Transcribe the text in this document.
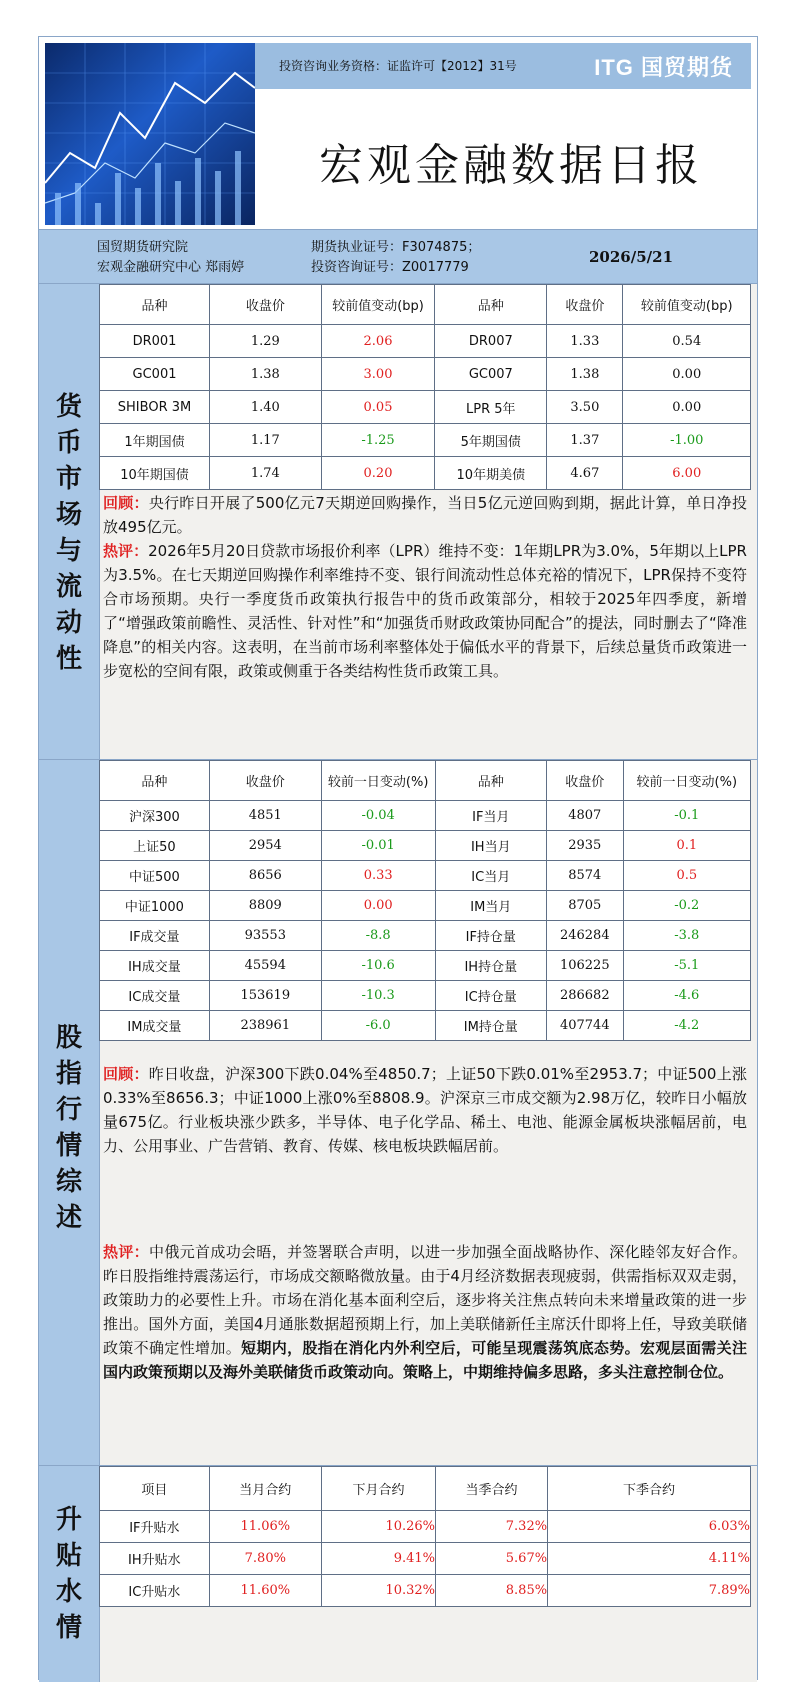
投资咨询业务资格：证监许可【2012】31号	ITG 国贸期货
宏观金融数据日报
国贸期货研究院
宏观金融研究中心 郑雨婷
期货执业证号：F3074875；
投资咨询证号：Z0017779
2026/5/21
货
币
市
场
与
流
动
性
品种	收盘价	较前值变动(bp)	品种	收盘价	较前值变动(bp)
DR001	1.29	2.06	DR007	1.33	0.54
GC001	1.38	3.00	GC007	1.38	0.00
SHIBOR 3M	1.40	0.05	LPR 5年	3.50	0.00
1年期国债	1.17	-1.25	5年期国债	1.37	-1.00
10年期国债	1.74	0.20	10年期美债	4.67	6.00
回顾：央行昨日开展了500亿元7天期逆回购操作，当日5亿元逆回购到期，据此计算，单日净投放495亿元。
热评：2026年5月20日贷款市场报价利率（LPR）维持不变：1年期LPR为3.0%，5年期以上LPR为3.5%。在七天期逆回购操作利率维持不变、银行间流动性总体充裕的情况下，LPR保持不变符合市场预期。央行一季度货币政策执行报告中的货币政策部分，相较于2025年四季度，新增了“增强政策前瞻性、灵活性、针对性”和“加强货币财政政策协同配合”的提法，同时删去了“降准降息”的相关内容。这表明，在当前市场利率整体处于偏低水平的背景下，后续总量货币政策进一步宽松的空间有限，政策或侧重于各类结构性货币政策工具。
股
指
行
情
综
述
品种	收盘价	较前一日变动(%)	品种	收盘价	较前一日变动(%)
沪深300	4851	-0.04	IF当月	4807	-0.1
上证50	2954	-0.01	IH当月	2935	0.1
中证500	8656	0.33	IC当月	8574	0.5
中证1000	8809	0.00	IM当月	8705	-0.2
IF成交量	93553	-8.8	IF持仓量	246284	-3.8
IH成交量	45594	-10.6	IH持仓量	106225	-5.1
IC成交量	153619	-10.3	IC持仓量	286682	-4.6
IM成交量	238961	-6.0	IM持仓量	407744	-4.2
回顾：昨日收盘，沪深300下跌0.04%至4850.7；上证50下跌0.01%至2953.7；中证500上涨0.33%至8656.3；中证1000上涨0%至8808.9。沪深京三市成交额为2.98万亿，较昨日小幅放量675亿。行业板块涨少跌多，半导体、电子化学品、稀土、电池、能源金属板块涨幅居前，电力、公用事业、广告营销、教育、传媒、核电板块跌幅居前。
热评：中俄元首成功会晤，并签署联合声明，以进一步加强全面战略协作、深化睦邻友好合作。昨日股指维持震荡运行，市场成交额略微放量。由于4月经济数据表现疲弱，供需指标双双走弱，政策助力的必要性上升。市场在消化基本面利空后，逐步将关注焦点转向未来增量政策的进一步推出。国外方面，美国4月通胀数据超预期上行，加上美联储新任主席沃什即将上任，导致美联储政策不确定性增加。短期内，股指在消化内外利空后，可能呈现震荡筑底态势。宏观层面需关注国内政策预期以及海外美联储货币政策动向。策略上，中期维持偏多思路，多头注意控制仓位。
升
贴
水
情
项目	当月合约	下月合约	当季合约	下季合约
IF升贴水	11.06%	10.26%	7.32%	6.03%
IH升贴水	7.80%	9.41%	5.67%	4.11%
IC升贴水	11.60%	10.32%	8.85%	7.89%
